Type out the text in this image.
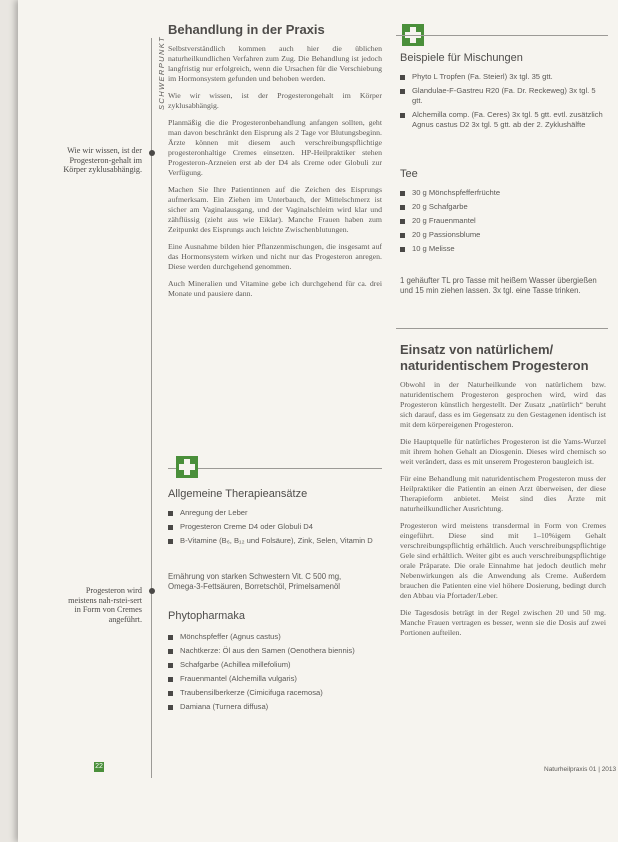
SCHWERPUNKT
Wie wir wissen, ist der Progesteron-gehalt im Körper zyklusabhängig.
Progesteron wird meistens nah-rstei-sert in Form von Cremes angeführt.
Behandlung in der Praxis

Selbstverständlich kommen auch hier die üblichen naturheilkundlichen Verfahren zum Zug. Die Behandlung ist jedoch langfristig nur erfolgreich, wenn die Ursachen für die Verschiebung im Hormonsystem gefunden und behoben werden.

Wie wir wissen, ist der Progesterongehalt im Körper zyklusabhängig.

Planmäßig die die Progesteronbehandlung anfangen sollten, geht man davon beschränkt den Eisprung als 2 Tage vor Blutungsbeginn. Ärzte können mit diesem auch verschreibungspflichtige progesteronhaltige Cremes einsetzen. HP-Heilpraktiker stehen Progesteron-Arzneien erst ab der D4 als Creme oder Globuli zur Verfügung.

Machen Sie Ihre Patientinnen auf die Zeichen des Eisprungs aufmerksam. Ein Ziehen im Unterbauch, der Mittelschmerz ist sicher am Vaginalausgang, und der Vaginalschleim wird klar und zähflüssig (zieht aus wie Eiklar). Manche Frauen haben zum Zeitpunkt des Eisprungs auch leichte Zwischenblutungen.

Eine Ausnahme bilden hier Pflanzenmischungen, die insgesamt auf das Hormonsystem wirken und nicht nur das Progesteron anregen. Diese werden durchgehend genommen.

Auch Mineralien und Vitamine gebe ich durchgehend für ca. drei Monate und pausiere dann.

Allgemeine Therapieansätze
Anregung der Leber
Progesteron Creme D4 oder Globuli D4
B-Vitamine (B₆, B₁₂ und Folsäure), Zink, Selen, Vitamin D
Ernährung von starken Schwestern Vit. C 500 mg,
Omega-3-Fettsäuren, Borretschöl, Primelsamenöl
Phytopharmaka
Mönchspfeffer (Agnus castus)
Nachtkerze: Öl aus den Samen (Oenothera biennis)
Schafgarbe (Achillea millefolium)
Frauenmantel (Alchemilla vulgaris)
Traubensilberkerze (Cimicifuga racemosa)
Damiana (Turnera diffusa)
22
Beispiele für Mischungen
Phyto L Tropfen (Fa. Steierl) 3x tgl. 35 gtt.
Glandulae-F-Gastreu R20 (Fa. Dr. Reckeweg) 3x tgl. 5 gtt.
Alchemilla comp. (Fa. Ceres) 3x tgl. 5 gtt. evtl. zusätzlich Agnus castus D2 3x tgl. 5 gtt. ab der 2. Zyklushälfte
Tee
30 g Mönchspfefferfrüchte
20 g Schafgarbe
20 g Frauenmantel
20 g Passionsblume
10 g Melisse
1 gehäufter TL pro Tasse mit heißem Wasser übergießen und 15 min ziehen lassen. 3x tgl. eine Tasse trinken.
Einsatz von natürlichem/
naturidentischem Progesteron

Obwohl in der Naturheilkunde von natürlichem bzw. naturidentischem Progesteron gesprochen wird, wird das Progesteron künstlich hergestellt. Der Zusatz „natürlich“ beruht sich darauf, dass es im Gegensatz zu den Gestagenen identisch ist mit dem körpereigenen Progesteron.

Die Hauptquelle für natürliches Progesteron ist die Yams-Wurzel mit ihrem hohen Gehalt an Diosgenin. Dieses wird chemisch so weit verändert, dass es mit unserem Progesteron baugleich ist.

Für eine Behandlung mit naturidentischem Progesteron muss der Heilpraktiker die Patientin an einen Arzt überweisen, der diese Therapieform anbietet. Meist sind dies Ärzte mit naturheilkundlicher Ausrichtung.

Progesteron wird meistens transdermal in Form von Cremes eingeführt. Diese sind mit 1–10%igem Gehalt verschreibungspflichtig erhältlich. Auch verschreibungspflichtige Gele sind erhältlich. Weiter gibt es auch verschreibungspflichtige orale Präparate. Die orale Einnahme hat jedoch deutlich mehr Nebenwirkungen als die Anwendung als Creme. Außerdem brauchen die Patienten eine viel höhere Dosierung, bedingt durch den Abbau via Pfortader/Leber.

Die Tagesdosis beträgt in der Regel zwischen 20 und 50 mg. Manche Frauen vertragen es besser, wenn sie die Dosis auf zwei Portionen aufteilen.

Naturheilpraxis 01 | 2013
